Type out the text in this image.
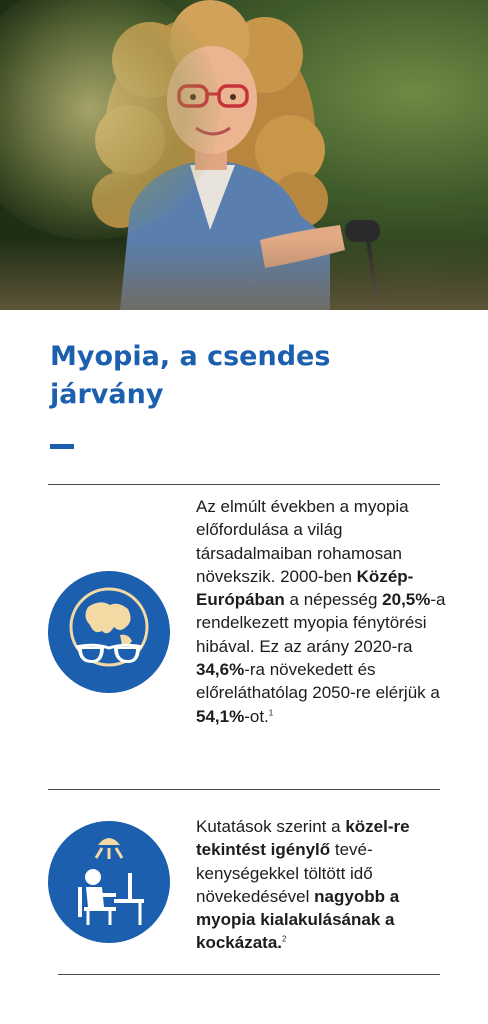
Myopia, a csendes járvány

Az elmúlt években a myopia előfordulása a világ társadalmaiban rohamosan növekszik. 2000-ben Közép-Európában a népesség 20,5%-a rendelkezett myopia fénytörési hibával. Ez az arány 2020-ra 34,6%-ra növekedett és előreláthatólag 2050-re elérjük a 54,1%-ot.$^1$

Kutatások szerint a közel-re tekintést igénylő tevé-kenységekkel töltött idő növekedésével nagyobb a myopia kialakulásának a kockázata.$^2$
